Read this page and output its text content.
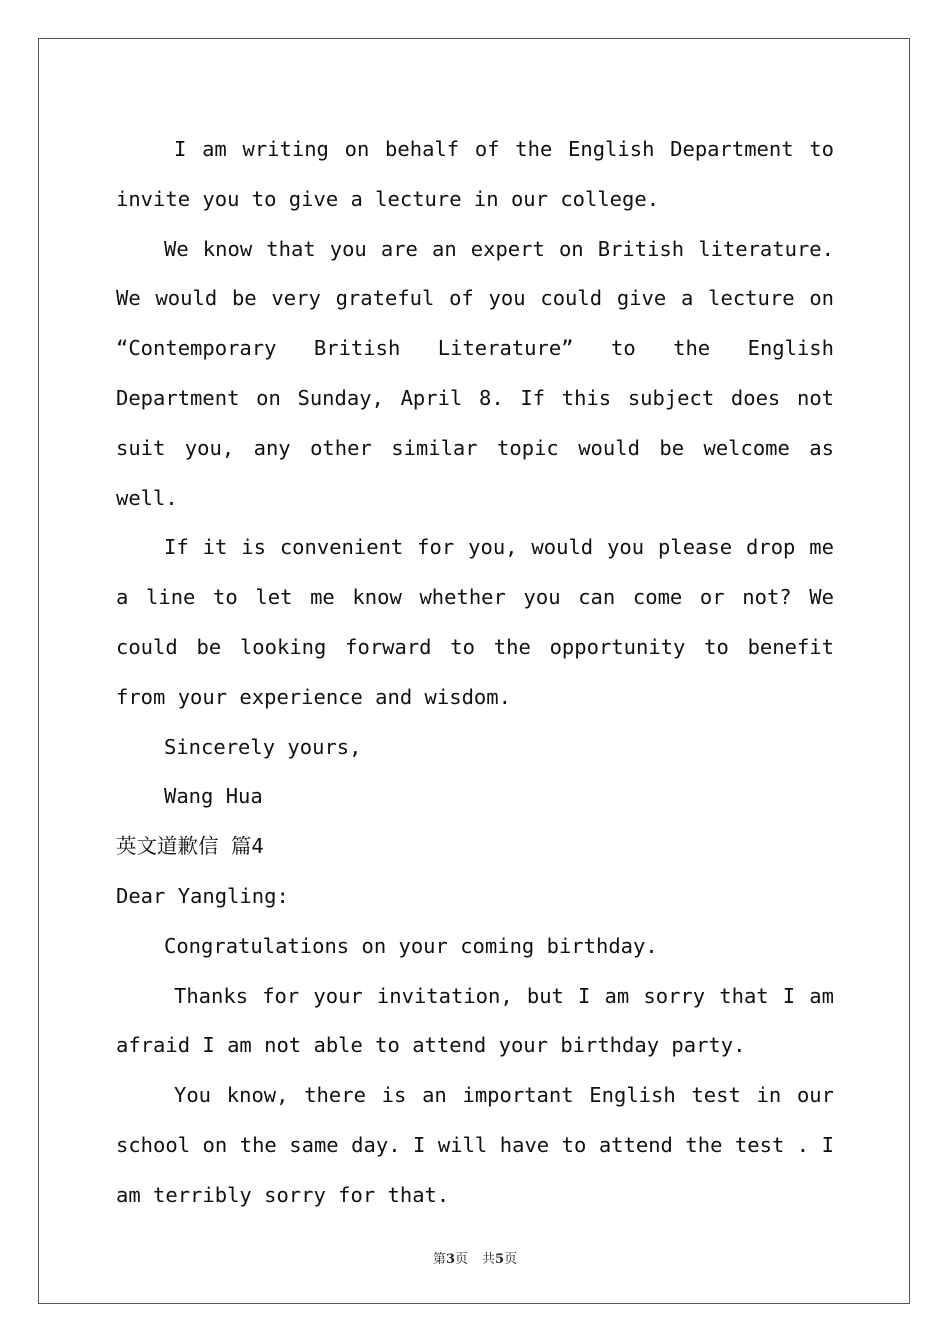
I am writing on behalf of the English Department to invite you to give a lecture in our college.

We know that you are an expert on British literature. We would be very grateful of you could give a lecture on “Contemporary British Literature” to the English Department on Sunday, April 8. If this subject does not suit you, any other similar topic would be welcome as well.

If it is convenient for you, would you please drop me a line to let me know whether you can come or not? We could be looking forward to the opportunity to benefit from your experience and wisdom.

Sincerely yours,

Wang Hua

英文道歉信 篇4

Dear Yangling:

Congratulations on your coming birthday.

Thanks for your invitation, but I am sorry that I am afraid I am not able to attend your birthday party.

You know, there is an important English test in our school on the same day. I will have to attend the test . I am terribly sorry for that.

第3页 共5页
